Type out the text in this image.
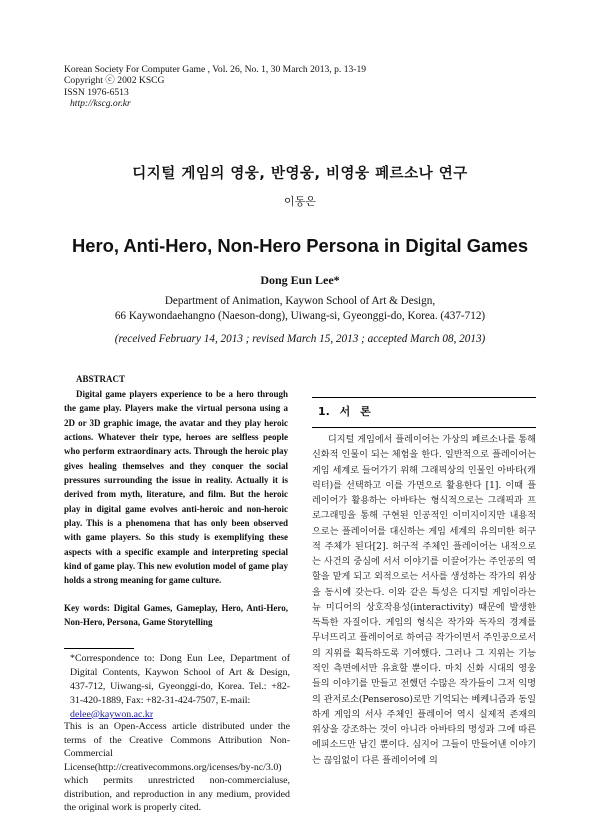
Korean Society For Computer Game , Vol. 26, No. 1, 30 March 2013, p. 13-19
Copyright ⓒ 2002 KSCG
ISSN 1976-6513
http://kscg.or.kr
디지털 게임의 영웅, 반영웅, 비영웅 페르소나 연구
이동은
Hero, Anti-Hero, Non-Hero Persona in Digital Games
Dong Eun Lee*
Department of Animation, Kaywon School of Art & Design,
66 Kaywondaehangno (Naeson-dong), Uiwang-si, Gyeonggi-do, Korea. (437-712)
(received February 14, 2013 ; revised March 15, 2013 ; accepted March 08, 2013)
ABSTRACT
Digital game players experience to be a hero through the game play. Players make the virtual persona using a 2D or 3D graphic image, the avatar and they play heroic actions. Whatever their type, heroes are selfless people who perform extraordinary acts. Through the heroic play gives healing themselves and they conquer the social pressures surrounding the issue in reality. Actually it is derived from myth, literature, and film. But the heroic play in digital game evolves anti-heroic and non-heroic play. This is a phenomena that has only been observed with game players. So this study is exemplifying these aspects with a specific example and interpreting special kind of game play. This new evolution model of game play holds a strong meaning for game culture.
Key words: Digital Games, Gameplay, Hero, Anti-Hero, Non-Hero, Persona, Game Storytelling
*Correspondence to: Dong Eun Lee, Department of Digital Contents, Kaywon School of Art & Design, 437-712, Uiwang-si, Gyeonggi-do, Korea. Tel.: +82-31-420-1889, Fax: +82-31-424-7507, E-mail:
delee@kaywon.ac.kr
This is an Open-Access article distributed under the terms of the Creative Commons Attribution Non-Commercial License(http://creativecommons.org/icenses/by-nc/3.0) which permits unrestricted non-commercialuse, distribution, and reproduction in any medium, provided the original work is properly cited.
1. 서 론
디지털 게임에서 플레이어는 가상의 페르소나를 통해 신화적 인물이 되는 체험을 한다. 일반적으로 플레이어는 게임 세계로 들어가기 위해 그래픽상의 인물인 아바타(캐릭터)를 선택하고 이를 가면으로 활용한다 [1]. 이때 플레이어가 활용하는 아바타는 형식적으로는 그래픽과 프로그래밍을 통해 구현된 인공적인 이미지이지만 내용적으로는 플레이어를 대신하는 게임 세계의 유의미한 허구적 주체가 된다[2]. 허구적 주체인 플레이어는 내적으로는 사건의 중심에 서서 이야기를 이끌어가는 주인공의 역할을 맡게 되고 외적으로는 서사를 생성하는 작가의 위상을 동시에 갖는다. 이와 같은 특성은 디지털 게임이라는 뉴 미디어의 상호작용성(interactivity) 때문에 발생한 독특한 자질이다. 게임의 형식은 작가와 독자의 경계를 무너뜨리고 플레이어로 하여금 작가이면서 주인공으로서의 지위를 획득하도록 기여했다. 그러나 그 지위는 기능적인 측면에서만 유효할 뿐이다. 마치 신화 시대의 영웅들의 이야기를 만들고 전했던 수많은 작가들이 그저 익명의 관저로소(Penseroso)로만 기억되는 베케니즘과 동일하게 게임의 서사 주체인 플레이어 역시 실제적 존재의 위상을 강조하는 것이 아니라 아바타의 명성과 그에 따른 에피소드만 남긴 뿐이다. 심지어 그들이 만들어낸 이야기는 끊임없이 다른 플레이어에 의
